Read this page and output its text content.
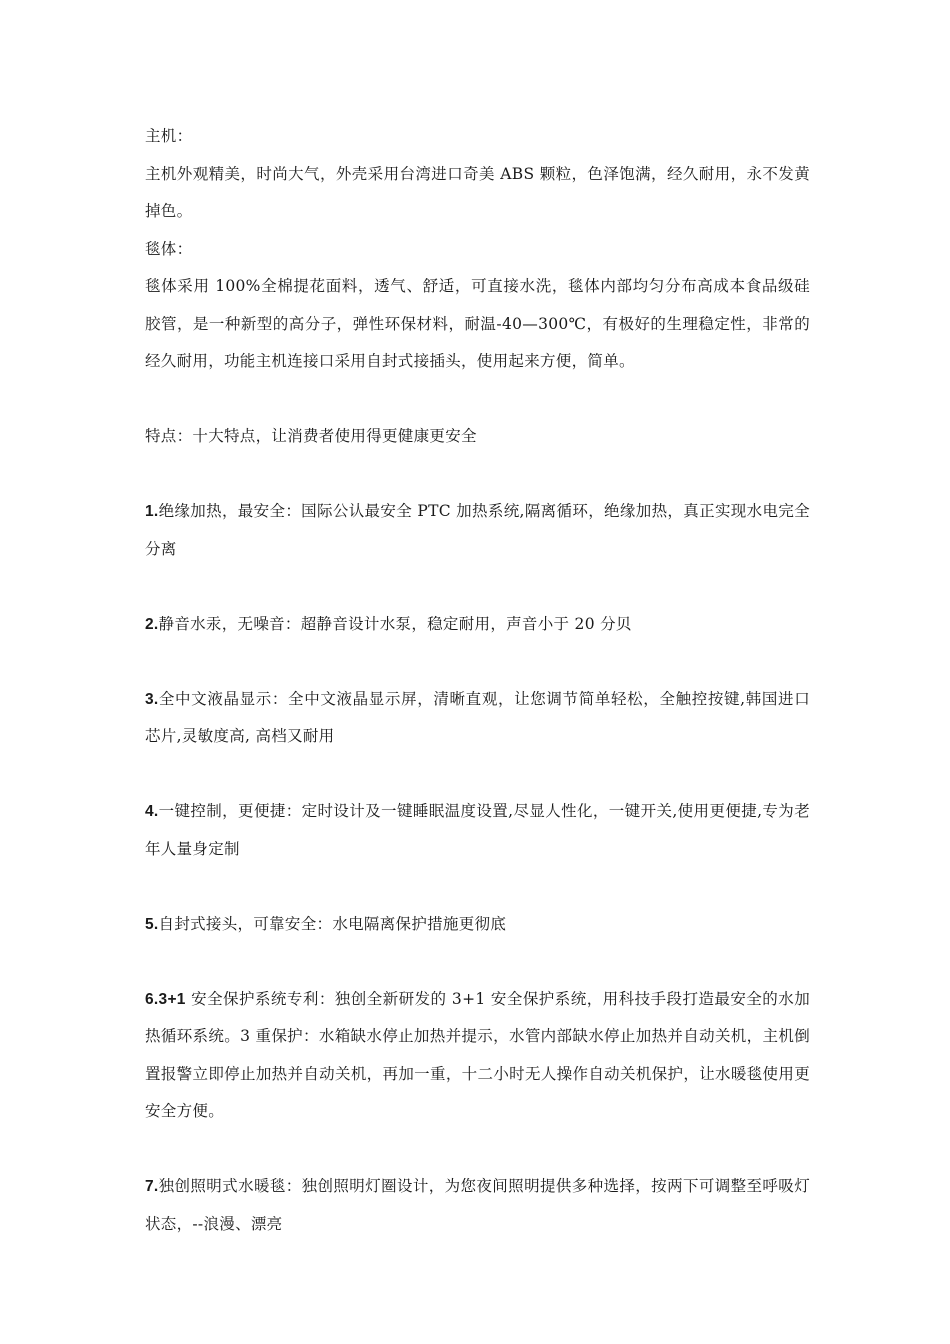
主机：
主机外观精美，时尚大气，外壳采用台湾进口奇美 ABS 颗粒，色泽饱满，经久耐用，永不发黄掉色。
毯体：
毯体采用 100%全棉提花面料，透气、舒适，可直接水洗，毯体内部均匀分布高成本食品级硅胶管，是一种新型的高分子，弹性环保材料，耐温-40—300℃，有极好的生理稳定性，非常的经久耐用，功能主机连接口采用自封式接插头，使用起来方便，简单。
特点：十大特点，让消费者使用得更健康更安全
1.绝缘加热，最安全：国际公认最安全 PTC 加热系统,隔离循环，绝缘加热，真正实现水电完全分离
2.静音水汞，无噪音：超静音设计水泵，稳定耐用，声音小于 20 分贝
3.全中文液晶显示：全中文液晶显示屏，清晰直观，让您调节简单轻松，全触控按键,韩国进口芯片,灵敏度高, 高档又耐用
4.一键控制，更便捷：定时设计及一键睡眠温度设置,尽显人性化，一键开关,使用更便捷,专为老年人量身定制
5.自封式接头，可靠安全：水电隔离保护措施更彻底
6.3+1 安全保护系统专利：独创全新研发的 3+1 安全保护系统，用科技手段打造最安全的水加热循环系统。3 重保护：水箱缺水停止加热并提示，水管内部缺水停止加热并自动关机，主机倒置报警立即停止加热并自动关机，再加一重，十二小时无人操作自动关机保护，让水暖毯使用更安全方便。
7.独创照明式水暖毯：独创照明灯圈设计，为您夜间照明提供多种选择，按两下可调整至呼吸灯状态，--浪漫、漂亮
